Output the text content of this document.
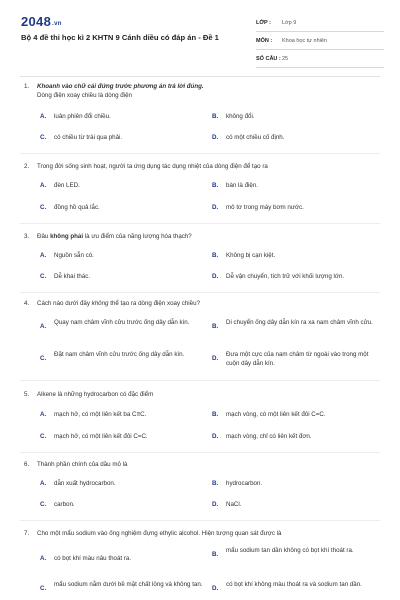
2048.vn
Bộ 4 đề thi học kì 2 KHTN 9 Cánh diều có đáp án - Đề 1
LỚP :	Lớp 9
MÔN :	Khoa học tự nhiên
SỐ CÂU : 25
1. Khoanh vào chữ cái đứng trước phương án trả lời đúng.
Dòng điện xoay chiều là dòng điện
A. luân phiên đổi chiều.	B. không đổi.
C. có chiều từ trái qua phải.	D. có một chiều cố định.
2. Trong đời sống sinh hoạt, người ta ứng dụng tác dụng nhiệt của dòng điện để tạo ra
A. đèn LED.	B. bàn là điện.
C. đồng hồ quả lắc.	D. mô tơ trong máy bơm nước.
3. Đâu không phải là ưu điểm của năng lượng hóa thạch?
A. Nguồn sẵn có.	B. Không bị cạn kiệt.
C. Dễ khai thác.	D. Dễ vận chuyển, tích trữ với khối lượng lớn.
4. Cách nào dưới đây không thể tạo ra dòng điện xoay chiều?
A.
Quay nam châm vĩnh cửu trước ống dây dẫn kín.
B.
Di chuyển ống dây dẫn kín ra xa nam châm vĩnh cửu.
C.
Đặt nam châm vĩnh cửu trước ống dây dẫn kín.
D.
Đưa một cực của nam châm từ ngoài vào trong một cuộn dây dẫn kín.
5. Alkene là những hydrocarbon có đặc điểm
A. mạch hở, có một liên kết ba C≡C.	B. mạch vòng, có một liên kết đôi C=C.
C. mạch hở, có một liên kết đôi C=C.	D. mạch vòng, chỉ có liên kết đơn.
6. Thành phần chính của dầu mỏ là
A. dẫn xuất hydrocarbon.	B. hydrocarbon.
C. carbon.	D. NaCl.
7. Cho một mẩu sodium vào ống nghiệm đựng ethylic alcohol. Hiện tượng quan sát được là
A. có bọt khí màu nâu thoát ra.
B.
mẩu sodium tan dần không có bọt khí thoát ra.
C.
mẩu sodium nằm dưới bề mặt chất lỏng và không tan.
D.
có bọt khí không màu thoát ra và sodium tan dần.
